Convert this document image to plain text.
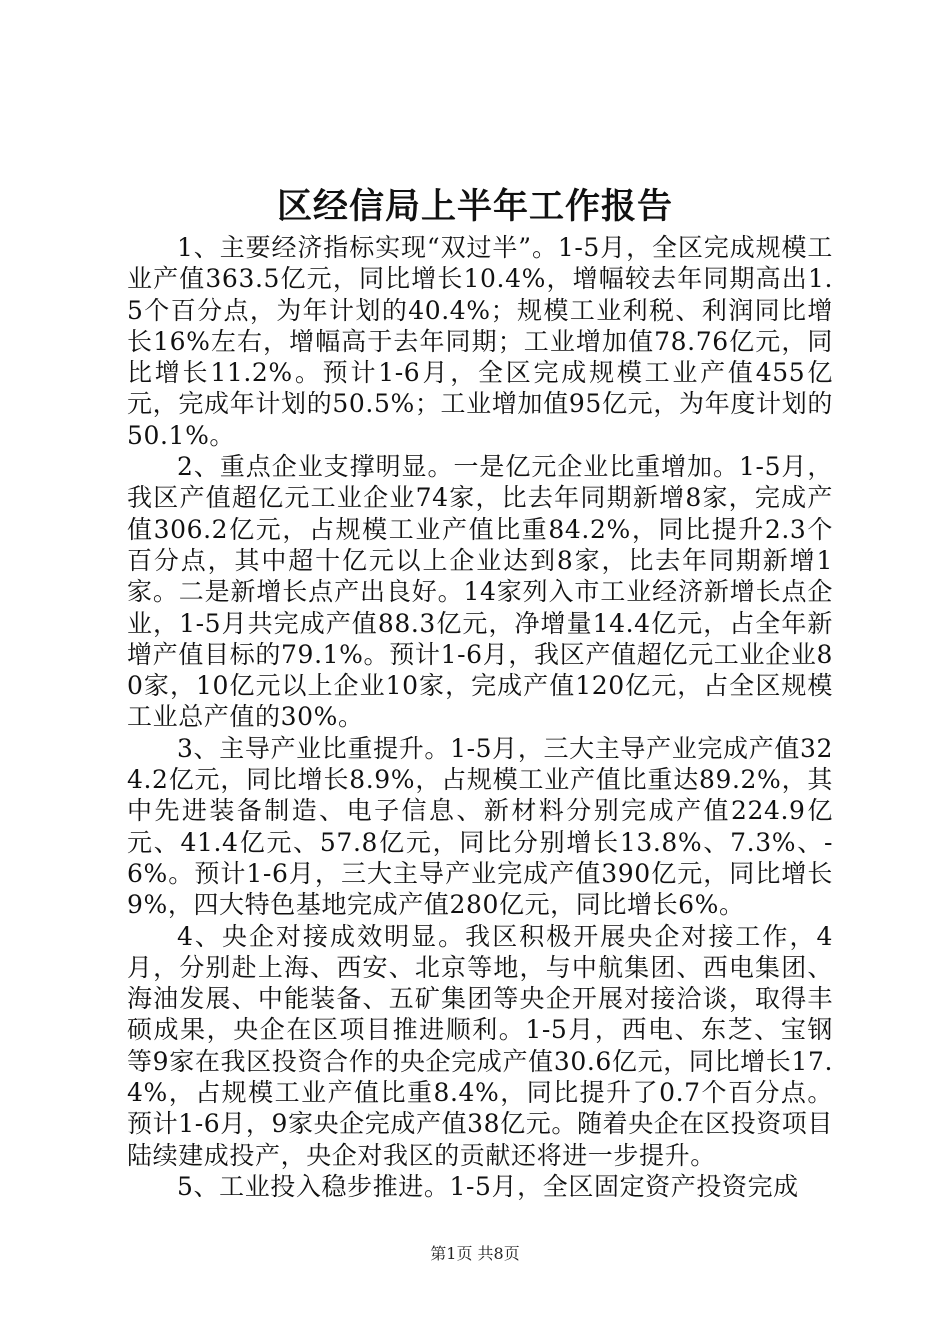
区经信局上半年工作报告

1、主要经济指标实现“双过半”。1-5月，全区完成规模工业产值363.5亿元，同比增长10.4%，增幅较去年同期高出1.5个百分点，为年计划的40.4%；规模工业利税、利润同比增长16%左右，增幅高于去年同期；工业增加值78.76亿元，同比增长11.2%。预计1-6月，全区完成规模工业产值455亿元，完成年计划的50.5%；工业增加值95亿元，为年度计划的50.1%。

2、重点企业支撑明显。一是亿元企业比重增加。1-5月，我区产值超亿元工业企业74家，比去年同期新增8家，完成产值306.2亿元，占规模工业产值比重84.2%，同比提升2.3个百分点，其中超十亿元以上企业达到8家，比去年同期新增1家。二是新增长点产出良好。14家列入市工业经济新增长点企业，1-5月共完成产值88.3亿元，净增量14.4亿元，占全年新增产值目标的79.1%。预计1-6月，我区产值超亿元工业企业80家，10亿元以上企业10家，完成产值120亿元，占全区规模工业总产值的30%。

3、主导产业比重提升。1-5月，三大主导产业完成产值324.2亿元，同比增长8.9%，占规模工业产值比重达89.2%，其中先进装备制造、电子信息、新材料分别完成产值224.9亿元、41.4亿元、57.8亿元，同比分别增长13.8%、7.3%、-6%。预计1-6月，三大主导产业完成产值390亿元，同比增长9%，四大特色基地完成产值280亿元，同比增长6%。

4、央企对接成效明显。我区积极开展央企对接工作，4月，分别赴上海、西安、北京等地，与中航集团、西电集团、海油发展、中能装备、五矿集团等央企开展对接洽谈，取得丰硕成果，央企在区项目推进顺利。1-5月，西电、东芝、宝钢等9家在我区投资合作的央企完成产值30.6亿元，同比增长17.4%，占规模工业产值比重8.4%，同比提升了0.7个百分点。预计1-6月，9家央企完成产值38亿元。随着央企在区投资项目陆续建成投产，央企对我区的贡献还将进一步提升。

5、工业投入稳步推进。1-5月，全区固定资产投资完成

第1页 共8页
